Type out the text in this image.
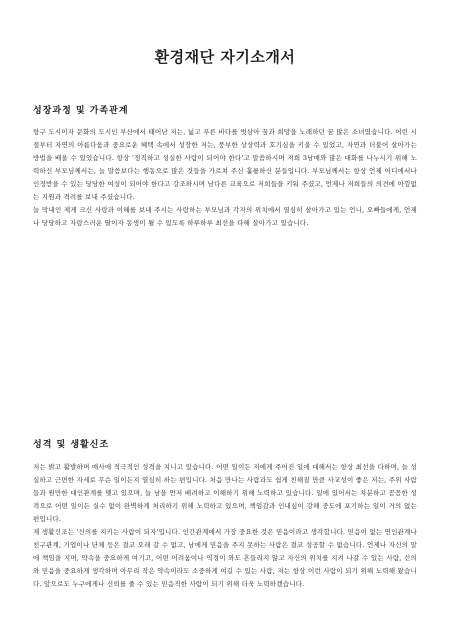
환경재단 자기소개서
성장과정 및 가족관계

항구 도시이자 문화의 도시인 부산에서 태어난 저는, 넓고 푸른 바다를 벗삼아 꿈과 희망을 노래하던 꿈 많은 소녀였습니다. 어린 시절부터 자연의 아름다움과 중요로운 혜택 속에서 성장한 저는, 풍부한 상상력과 호기심을 키울 수 있었고, 자연과 더불어 살아가는 방법을 배울 수 있었습니다. 항상 '정직하고 성실한 사람이 되어야 한다'고 말씀하시며 저희 3남매와 많은 대화를 나누시기 위해 노력하신 부모님께서는, 늘 말씀보다는 행동으로 많은 것들을 가르쳐 주신 훌륭하신 분들입니다. 부모님께서는 항상 언제 어디에서나 인정받을 수 있는 당당한 여성이 되어야 한다고 강조하시며 남다른 교육으로 저희들을 키워 주셨고, 언제나 저희들의 의견에 아낌없는 지원과 격려를 보내 주셨습니다.

늘 막내인 제게 크신 사랑과 이해를 보내 주시는 사랑하는 부모님과 각자의 위치에서 열심히 살아가고 있는 언니, 오빠들에게, 언제나 당당하고 자랑스러운 딸이자 동생이 될 수 있도록 하루하루 최선을 다해 살아가고 있습니다.

성격 및 생활신조

저는 밝고 활발하며 매사에 적극적인 성격을 지니고 있습니다. 어떤 일이든 저에게 주어진 일에 대해서는 항상 최선을 다하며, 늘 성실하고 근면한 자세로 무슨 일이든지 열심히 하는 편입니다. 처음 만나는 사람과도 쉽게 친해질 만큼 사교성이 좋은 저는, 주위 사람들과 원만한 대인관계를 맺고 있으며, 늘 남을 먼저 배려하고 이해하기 위해 노력하고 있습니다. 일에 있어서는 차분하고 꼼꼼한 성격으로 어떤 일이든 실수 없이 완벽하게 처리하기 위해 노력하고 있으며, 책임감과 인내심이 강해 중도에 포기하는 일이 거의 없는 편입니다.

제 생활신조는 '신의를 지키는 사람이 되자'입니다. 인간관계에서 가장 중요한 것은 믿음이라고 생각합니다. 믿음이 없는 연인관계나 친구관계, 기업이나 단체 등은 결코 오래 갈 수 없고, 남에게 믿음을 주지 못하는 사람은 결코 성공할 수 없습니다. 언제나 자신의 말에 책임을 지며, 약속을 중요하게 여기고, 어떤 어려움이나 역경이 와도 흔들리지 않고 자신의 위치를 지켜 나갈 수 있는 사람, 신의와 믿음을 중요하게 생각하며 아무리 작은 약속이라도 소중하게 여길 수 있는 사람, 저는 항상 이런 사람이 되기 위해 노력해 왔습니다. 앞으로도 누구에게나 신뢰를 줄 수 있는 믿음직한 사람이 되기 위해 더욱 노력하겠습니다.
